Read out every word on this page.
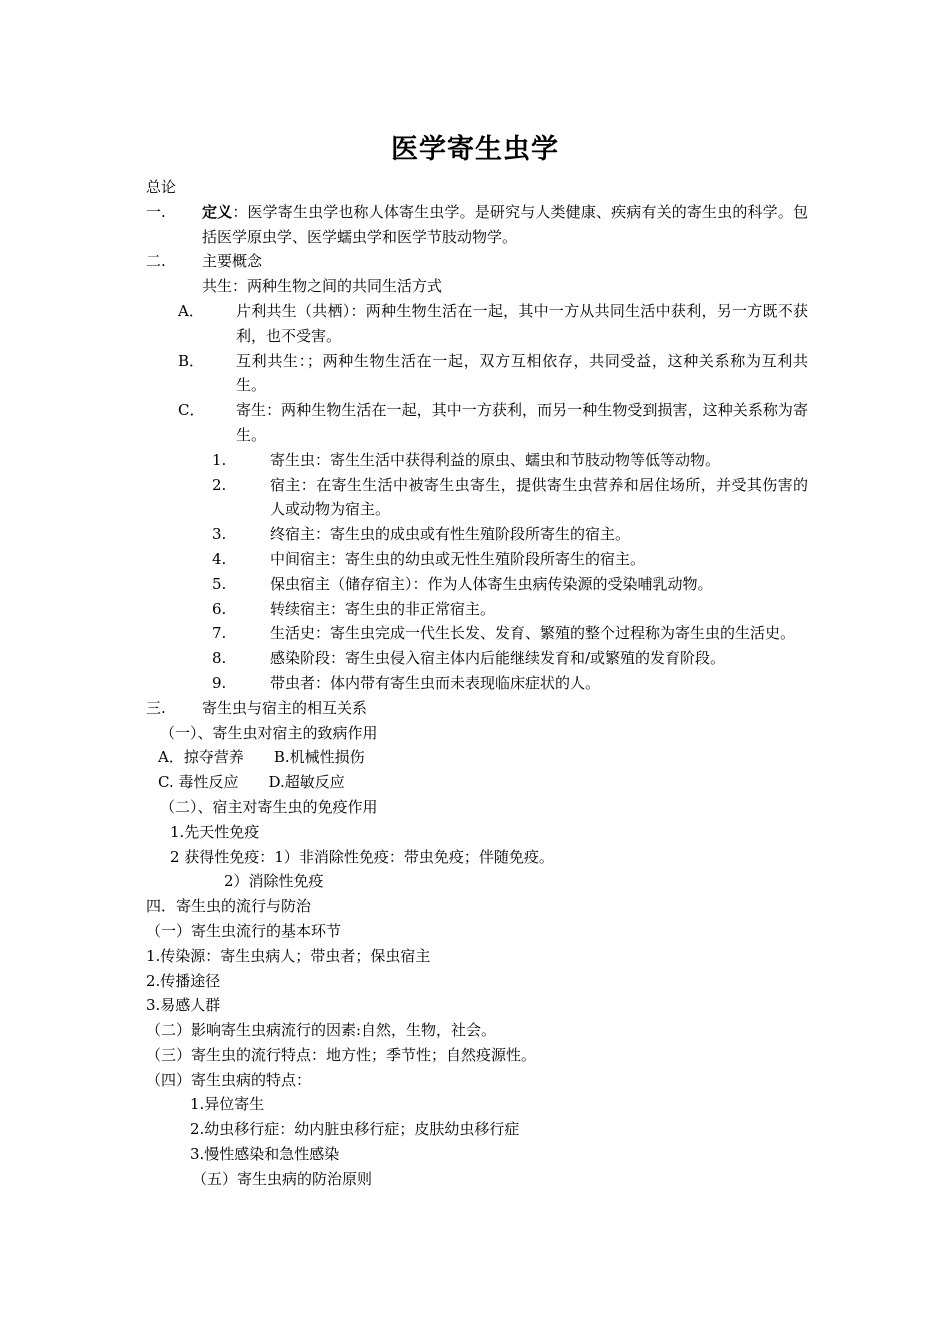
医学寄生虫学
总论
一. 定义：医学寄生虫学也称人体寄生虫学。是研究与人类健康、疾病有关的寄生虫的科学。包括医学原虫学、医学蠕虫学和医学节肢动物学。
二. 主要概念
共生：两种生物之间的共同生活方式
A． 片利共生（共栖）：两种生物生活在一起，其中一方从共同生活中获利，另一方既不获利，也不受害。
B． 互利共生：；两种生物生活在一起，双方互相依存，共同受益，这种关系称为互利共生。
C． 寄生：两种生物生活在一起，其中一方获利，而另一种生物受到损害，这种关系称为寄生。
1.	寄生虫：寄生生活中获得利益的原虫、蠕虫和节肢动物等低等动物。
2.	宿主：在寄生生活中被寄生虫寄生，提供寄生虫营养和居住场所，并受其伤害的人或动物为宿主。
3.	终宿主：寄生虫的成虫或有性生殖阶段所寄生的宿主。
4.	中间宿主：寄生虫的幼虫或无性生殖阶段所寄生的宿主。
5.	保虫宿主（储存宿主）：作为人体寄生虫病传染源的受染哺乳动物。
6.	转续宿主：寄生虫的非正常宿主。
7.	生活史：寄生虫完成一代生长发、发育、繁殖的整个过程称为寄生虫的生活史。
8.	感染阶段：寄生虫侵入宿主体内后能继续发育和/或繁殖的发育阶段。
9.	带虫者：体内带有寄生虫而未表现临床症状的人。
三. 寄生虫与宿主的相互关系
（一）、寄生虫对宿主的致病作用
A．掠夺营养　　B.机械性损伤
C. 毒性反应　　D.超敏反应
（二）、宿主对寄生虫的免疫作用
1.先天性免疫
2 获得性免疫：1）非消除性免疫：带虫免疫；伴随免疫。
2）消除性免疫
四．寄生虫的流行与防治
（一）寄生虫流行的基本环节
1.传染源：寄生虫病人；带虫者；保虫宿主
2.传播途径
3.易感人群
（二）影响寄生虫病流行的因素:自然，生物，社会。
（三）寄生虫的流行特点：地方性；季节性；自然疫源性。
（四）寄生虫病的特点：
1.异位寄生
2.幼虫移行症：幼内脏虫移行症；皮肤幼虫移行症
3.慢性感染和急性感染
（五）寄生虫病的防治原则
